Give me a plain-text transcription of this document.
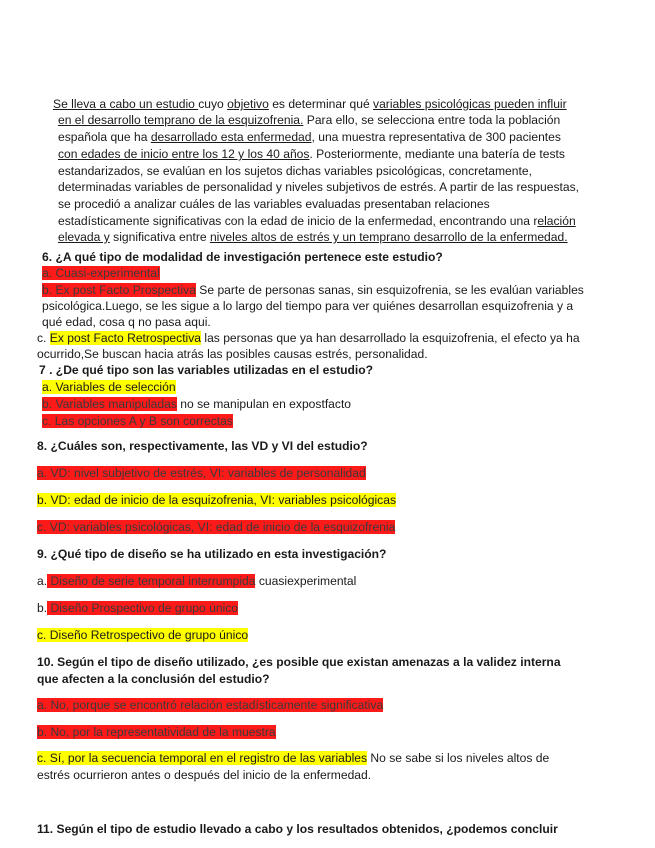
Se lleva a cabo un estudio cuyo objetivo es determinar qué variables psicológicas pueden influir
en el desarrollo temprano de la esquizofrenia. Para ello, se selecciona entre toda la población
española que ha desarrollado esta enfermedad, una muestra representativa de 300 pacientes
con edades de inicio entre los 12 y los 40 años. Posteriormente, mediante una batería de tests
estandarizados, se evalúan en los sujetos dichas variables psicológicas, concretamente,
determinadas variables de personalidad y niveles subjetivos de estrés. A partir de las respuestas,
se procedió a analizar cuáles de las variables evaluadas presentaban relaciones
estadísticamente significativas con la edad de inicio de la enfermedad, encontrando una relación
elevada y significativa entre niveles altos de estrés y un temprano desarrollo de la enfermedad.
6. ¿A qué tipo de modalidad de investigación pertenece este estudio?
a. Cuasi-experimental
b. Ex post Facto Prospectiva Se parte de personas sanas, sin esquizofrenia, se les evalúan variables
psicológica.Luego, se les sigue a lo largo del tiempo para ver quiénes desarrollan esquizofrenia y a
qué edad, cosa q no pasa aqui.
c. Ex post Facto Retrospectiva las personas que ya han desarrollado la esquizofrenia, el efecto ya ha
ocurrido,Se buscan hacia atrás las posibles causas estrés, personalidad.
7 . ¿De qué tipo son las variables utilizadas en el estudio?
a. Variables de selección
b. Variables manipuladas no se manipulan en expostfacto
c. Las opciones A y B son correctas
8. ¿Cuáles son, respectivamente, las VD y VI del estudio?
a. VD: nivel subjetivo de estrés, VI: variables de personalidad
b. VD: edad de inicio de la esquizofrenia, VI: variables psicológicas
c. VD: variables psicológicas, VI: edad de inicio de la esquizofrenia
9. ¿Qué tipo de diseño se ha utilizado en esta investigación?
a. Diseño de serie temporal interrumpida cuasiexperimental
b. Diseño Prospectivo de grupo único
c. Diseño Retrospectivo de grupo único
10. Según el tipo de diseño utilizado, ¿es posible que existan amenazas a la validez interna
que afecten a la conclusión del estudio?
a. No, porque se encontró relación estadísticamente significativa
b. No, por la representatividad de la muestra
c. Sí, por la secuencia temporal en el registro de las variables No se sabe si los niveles altos de
estrés ocurrieron antes o después del inicio de la enfermedad.
11. Según el tipo de estudio llevado a cabo y los resultados obtenidos, ¿podemos concluir
